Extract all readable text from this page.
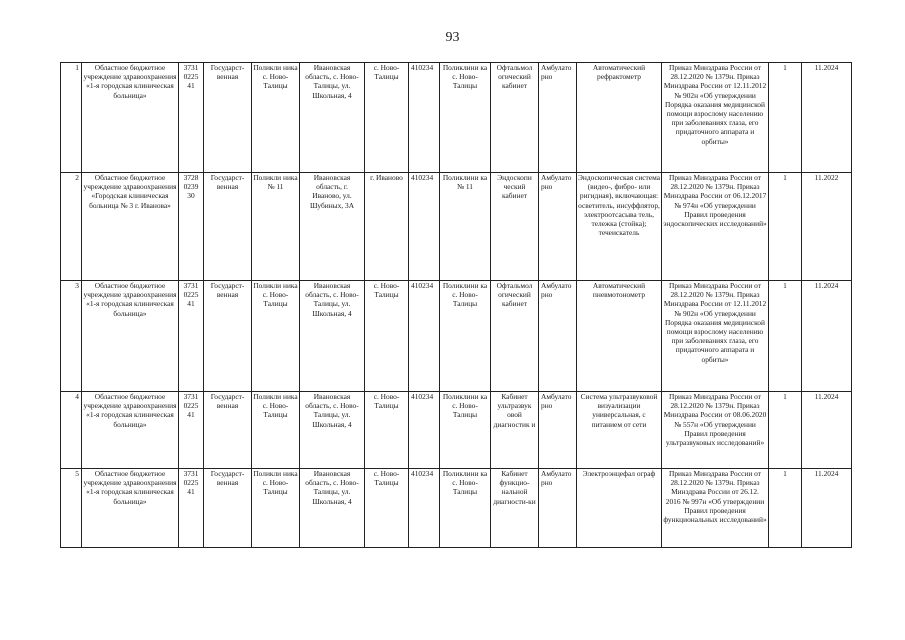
93
1	Областное бюджетное учреждение здравоохранения «1-я городская клиническая больница»	3731 0225 41	Государст-венная	Поликли ника с. Ново-Талицы	Ивановская область, с. Ново-Талицы, ул. Школьная, 4	с. Ново-Талицы	410234	Поликлини ка с. Ново-Талицы	Офтальмол огический кабинет	Амбулато рно	Автоматический рефрактометр	Приказ Минздрава России от 28.12.2020 № 1379н. Приказ Минздрава России от 12.11.2012 № 902н «Об утверждении Порядка оказания медицинской помощи взрослому населению при заболеваниях глаза, его придаточного аппарата и орбиты»	1	11.2024

2	Областное бюджетное учреждение здравоохранения «Городская клиническая больница № 3 г. Иванова»	3728 0239 30	Государст-венная	Поликли ника № 11	Ивановская область, г. Иваново, ул. Шубиных, 3А	г. Иваново	410234	Поликлини ка № 11	Эндоскопи ческий кабинет	Амбулато рно	Эндоскопическая система (видео-, фибро- или ригидная), включающая: осветитель, инсуффлятор, электроотсасыва тель, тележка (стойка); течеискатель	Приказ Минздрава России от 28.12.2020 № 1379н. Приказ Минздрава России от 06.12.2017 № 974н «Об утверждении Правил проведения эндоскопических исследований»	1	11.2022

3	Областное бюджетное учреждение здравоохранения «1-я городская клиническая больница»	3731 0225 41	Государст-венная	Поликли ника с. Ново-Талицы	Ивановская область, с. Ново-Талицы, ул. Школьная, 4	с. Ново-Талицы	410234	Поликлини ка с. Ново-Талицы	Офтальмол огический кабинет	Амбулато рно	Автоматический пневмотонометр	Приказ Минздрава России от 28.12.2020 № 1379н. Приказ Минздрава России от 12.11.2012 № 902н «Об утверждении Порядка оказания медицинской помощи взрослому населению при заболеваниях глаза, его придаточного аппарата и орбиты»	1	11.2024

4	Областное бюджетное учреждение здравоохранения «1-я городская клиническая больница»	3731 0225 41	Государст-венная	Поликли ника с. Ново-Талицы	Ивановская область, с. Ново-Талицы, ул. Школьная, 4	с. Ново-Талицы	410234	Поликлини ка с. Ново-Талицы	Кабинет ультразвук овой диагностик и	Амбулато рно	Система ультразвуковой визуализации универсальная, с питанием от сети	Приказ Минздрава России от 28.12.2020 № 1379н. Приказ Минздрава России от 08.06.2020 № 557н «Об утверждении Правил проведения ультразвуковых исследований»	1	11.2024

5	Областное бюджетное учреждение здравоохранения «1-я городская клиническая больница»	3731 0225 41	Государст-венная	Поликли ника с. Ново-Талицы	Ивановская область, с. Ново-Талицы, ул. Школьная, 4	с. Ново-Талицы	410234	Поликлини ка с. Ново-Талицы	Кабинет функцио-нальной диагности-ки	Амбулато рно	Электроэнцефал ограф	Приказ Минздрава России от 28.12.2020 № 1379н. Приказ Минздрава России от 26.12. 2016 № 997н «Об утверждении Правил проведения функциональных исследований»	1	11.2024
